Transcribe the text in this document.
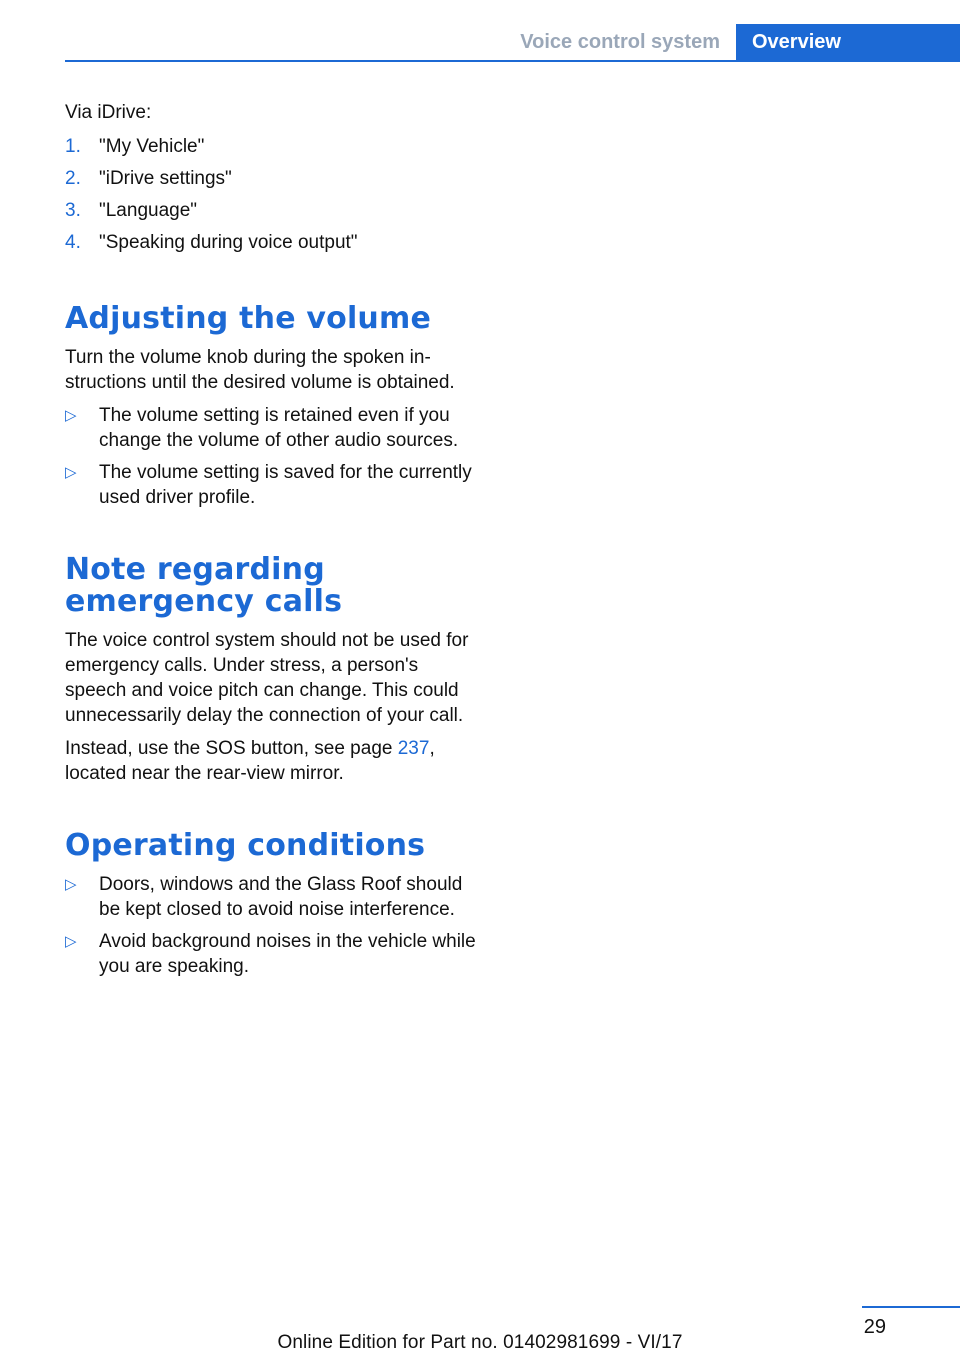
Voice control system	Overview

Via iDrive:

1. "My Vehicle"
2. "iDrive settings"
3. "Language"
4. "Speaking during voice output"
Adjusting the volume

Turn the volume knob during the spoken instructions until the desired volume is obtained.

▷ The volume setting is retained even if you change the volume of other audio sources.
▷ The volume setting is saved for the currently used driver profile.
Note regarding emergency calls

The voice control system should not be used for emergency calls. Under stress, a person's speech and voice pitch can change. This could unnecessarily delay the connection of your call.

Instead, use the SOS button, see page 237, located near the rear-view mirror.

Operating conditions
▷ Doors, windows and the Glass Roof should be kept closed to avoid noise interference.
▷ Avoid background noises in the vehicle while you are speaking.
29
Online Edition for Part no. 01402981699 - VI/17
